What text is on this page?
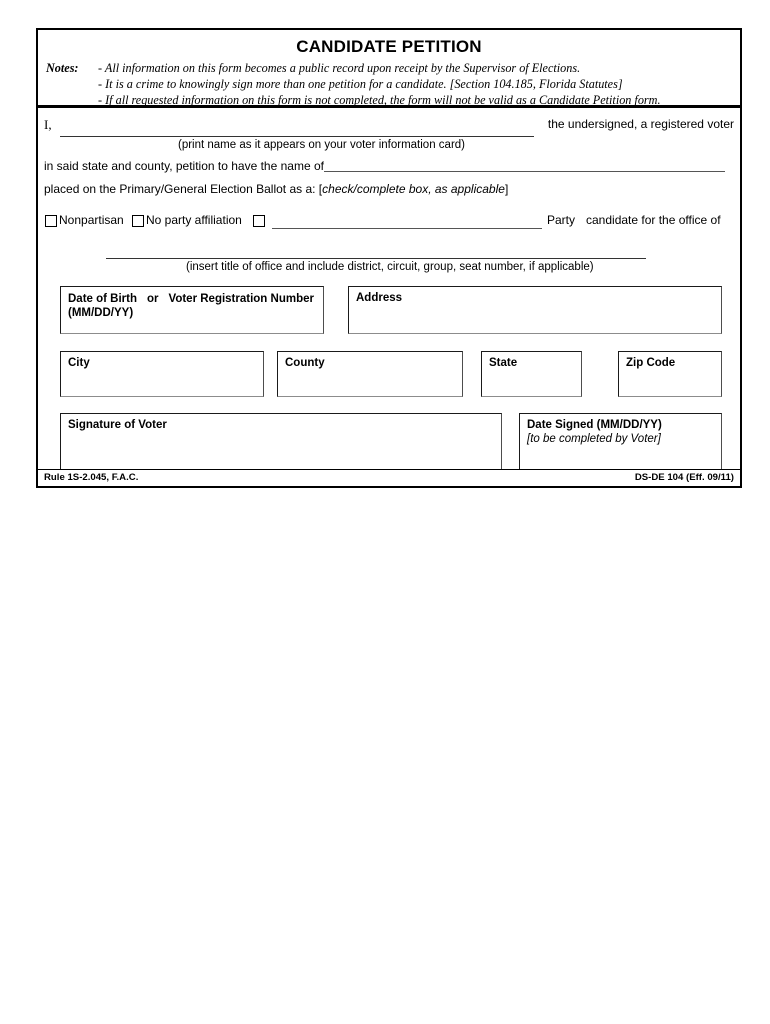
CANDIDATE PETITION
Notes: - All information on this form becomes a public record upon receipt by the Supervisor of Elections.
- It is a crime to knowingly sign more than one petition for a candidate. [Section 104.185, Florida Statutes]
- If all requested information on this form is not completed, the form will not be valid as a Candidate Petition form.
I,	the undersigned, a registered voter
(print name as it appears on your voter information card)
in said state and county, petition to have the name of
placed on the Primary/General Election Ballot as a: [check/complete box, as applicable]
Nonpartisan No party affiliation	Party candidate for the office of
(insert title of office and include district, circuit, group, seat number, if applicable)
Date of Birth or Voter Registration Number
(MM/DD/YY)
Address
City	County	State	Zip Code
Signature of Voter	Date Signed (MM/DD/YY)
[to be completed by Voter]
Rule 1S-2.045, F.A.C.	DS-DE 104 (Eff. 09/11)
